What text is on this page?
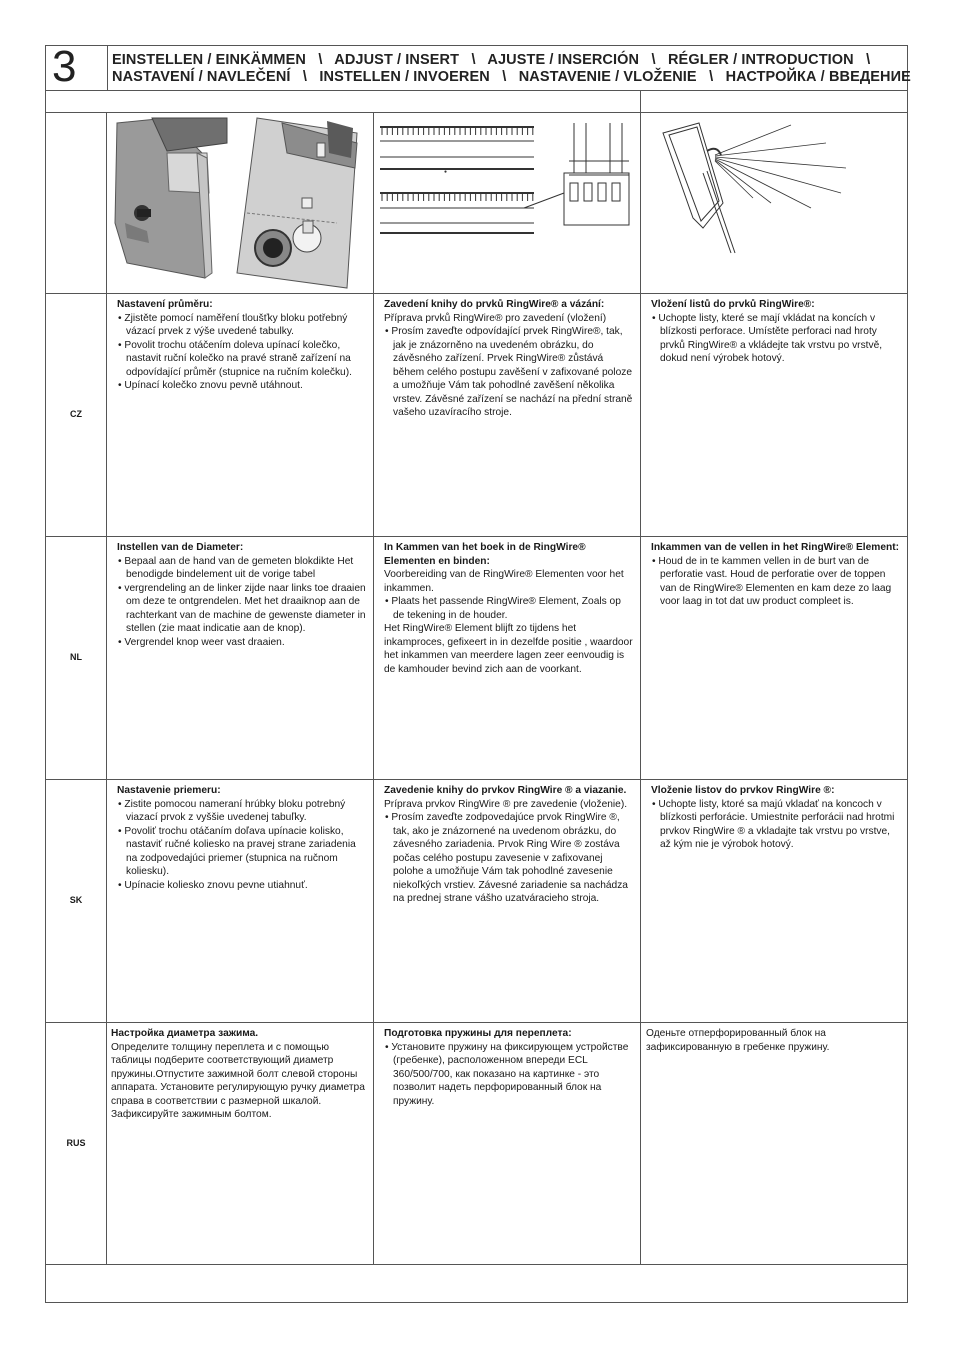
3 EINSTELLEN / EINKÄMMEN   \   ADJUST / INSERT   \   AJUSTE / INSERCIÓN   \   RÉGLER / INTRODUCTION   \
NASTAVENÍ / NAVLEČENÍ   \   INSTELLEN / INVOEREN   \   NASTAVENIE / VLOŽENIE   \   НАСТРОЙКА / ВВЕДЕНИЕ
●
CZ
Nastavení průměru:
• Zjistěte pomocí naměření tloušťky bloku potřebný vázací prvek z výše uvedené tabulky.
• Povolit trochu otáčením doleva upínací kolečko, nastavit ruční kolečko na pravé straně zařízení na odpovídající průměr (stupnice na ručním kolečku).
• Upínací kolečko znovu pevně utáhnout.
Zavedení knihy do prvků RingWire® a vázání:
Příprava prvků RingWire® pro zavedení (vložení)
• Prosím zaveďte odpovídající prvek RingWire®, tak, jak je znázorněno na uvedeném obrázku, do závěsného zařízení. Prvek RingWire® zůstává během celého postupu zavěšení v zafixované poloze a umožňuje Vám tak pohodlné zavěšení několika vrstev. Závěsné zařízení se nachází na přední straně vašeho uzavíracího stroje.
Vložení listů do prvků RingWire®:
• Uchopte listy, které se mají vkládat na koncích v blízkosti perforace. Umístěte perforaci nad hroty prvků RingWire® a vkládejte tak vrstvu po vrstvě, dokud není výrobek hotový.
NL
Instellen van de Diameter:
• Bepaal aan de hand van de gemeten blokdikte Het benodigde bindelement uit de vorige tabel
• vergrendeling an de linker zijde naar links toe draaien om deze te ontgrendelen. Met het draaiknop aan de rachterkant van de machine de gewenste diameter in stellen (zie maat indicatie aan de knop).
• Vergrendel knop weer vast draaien.
In Kammen van het boek in de RingWire® Elementen en binden:
Voorbereiding van de RingWire® Elementen voor het inkammen.
• Plaats het passende RingWire® Element, Zoals op de tekening in de houder.
Het RingWire® Element blijft zo tijdens het inkamproces, gefixeert in in dezelfde positie , waardoor het inkammen van meerdere lagen zeer eenvoudig is de kamhouder bevind zich aan de voorkant.
Inkammen van de vellen in het RingWire® Element:
• Houd de in te kammen vellen in de burt van de perforatie vast. Houd de perforatie over de toppen van de RingWire® Elementen en kam deze zo laag voor laag in tot dat uw product compleet is.
SK
Nastavenie priemeru:
• Zistite pomocou nameraní hrúbky bloku potrebný viazací prvok z vyššie uvedenej tabuľky.
• Povoliť trochu otáčaním doľava upínacie kolisko, nastaviť ručné koliesko na pravej strane zariadenia na zodpovedajúci priemer (stupnica na ručnom koliesku).
• Upínacie koliesko znovu pevne utiahnuť.
Zavedenie knihy do prvkov RingWire ® a viazanie.
Príprava prvkov RingWire ® pre zavedenie (vloženie).
• Prosím zaveďte zodpovedajúce prvok RingWire ®, tak, ako je znázornené na uvedenom obrázku, do závesného zariadenia. Prvok Ring Wire ® zostáva počas celého postupu zavesenie v zafixovanej polohe a umožňuje Vám tak pohodlné zavesenie niekoľkých vrstiev. Závesné zariadenie sa nachádza na prednej strane vášho uzatváracieho stroja.
Vloženie listov do prvkov RingWire ®:
• Uchopte listy, ktoré sa majú vkladať na koncoch v blízkosti perforácie. Umiestnite perforácii nad hrotmi prvkov RingWire ® a vkladajte tak vrstvu po vrstve, až kým nie je výrobok hotový.
RUS
Настройка диаметра зажима.
Определите толщину переплета и с помощью таблицы подберите соответствующий диаметр пружины.Отпустите зажимной болт слевой стороны аппарата. Установите регулирующую ручку диаметра справа в соответствии с размерной шкалой.
Зафиксируйте зажимным болтом.
Подготовка пружины для переплета:
• Установите пружину на фиксирующем устройстве (гребенке), расположенном впереди ECL 360/500/700, как показано на картинке - это позволит надеть перфорированный блок на пружину.
Оденьте отперфорированный блок на зафиксированную в гребенке пружину.
